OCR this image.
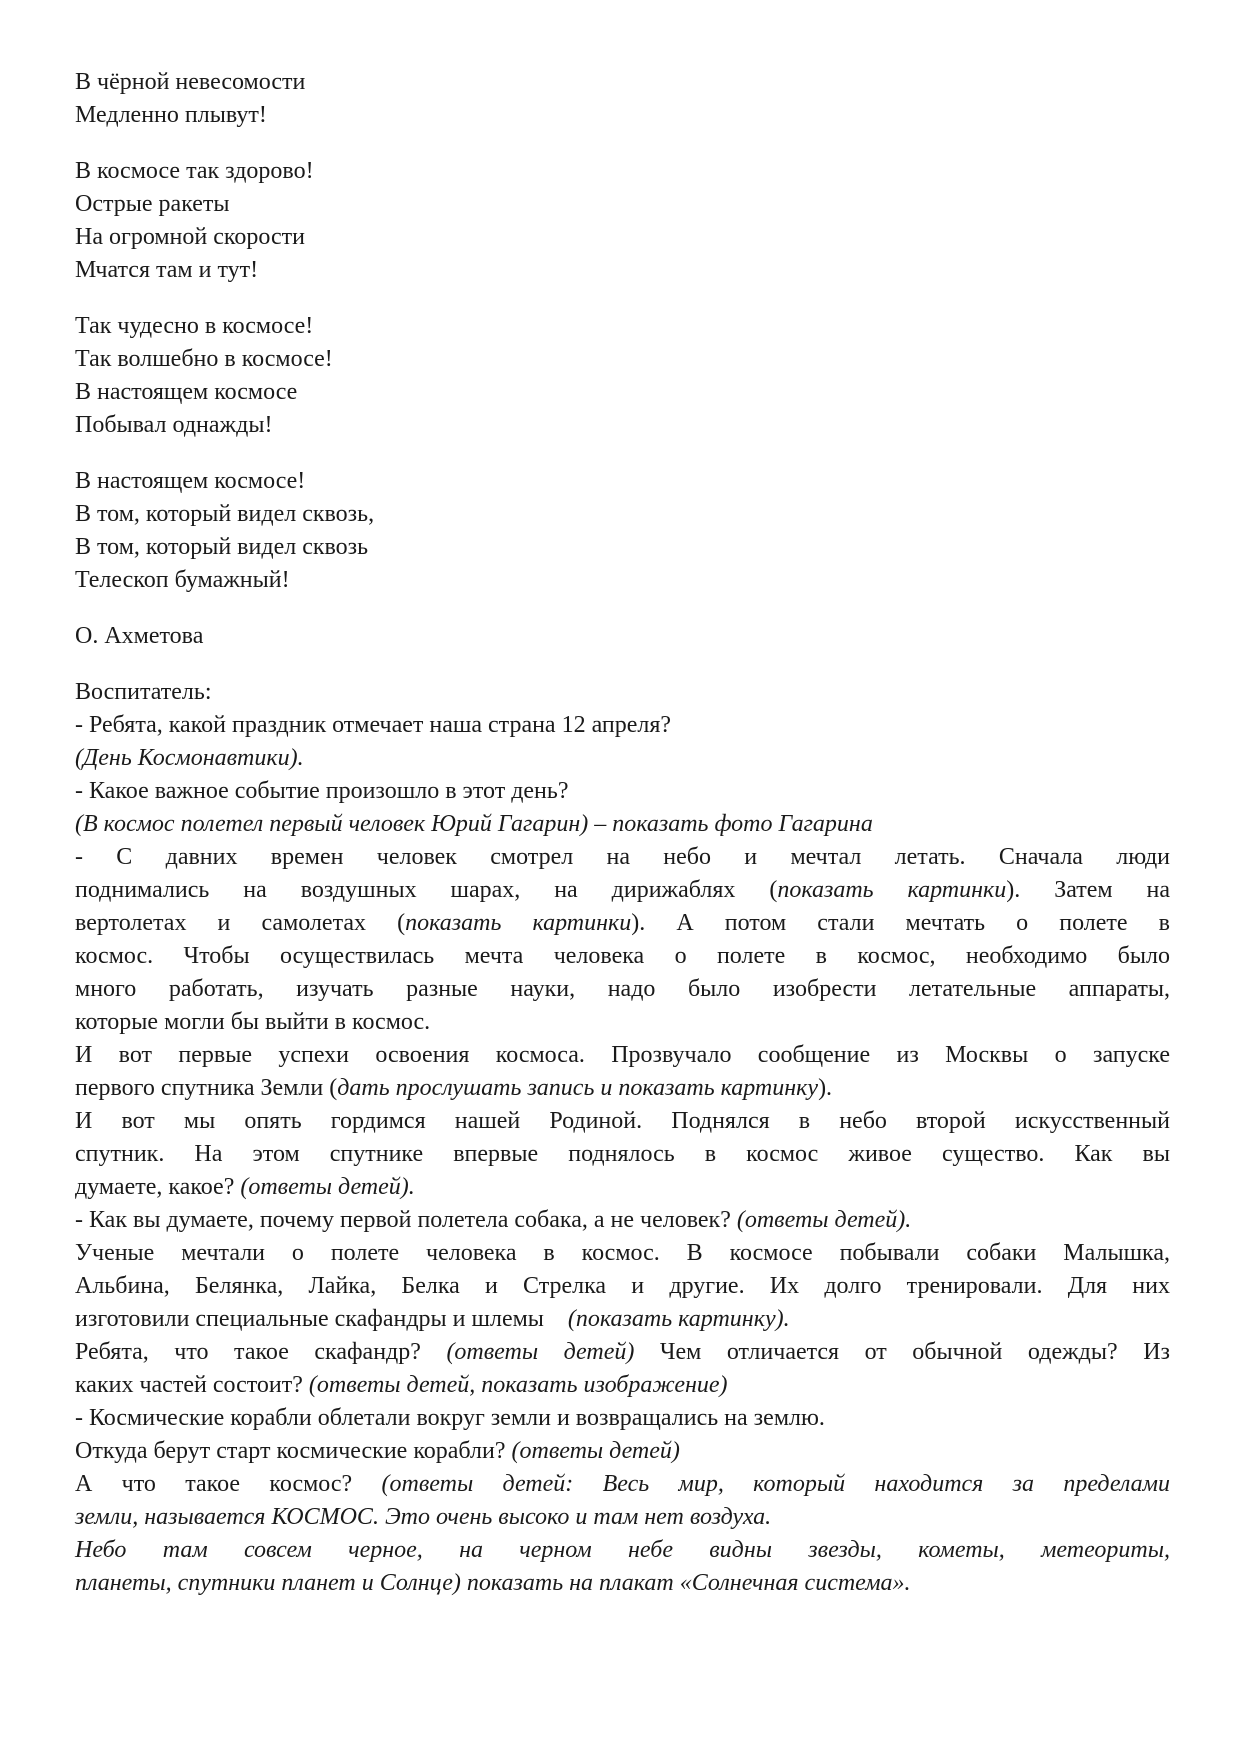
В чёрной невесомости
Медленно плывут!
В космосе так здорово!
Острые ракеты
На огромной скорости
Мчатся там и тут!
Так чудесно в космосе!
Так волшебно в космосе!
В настоящем космосе
Побывал однажды!
В настоящем космосе!
В том, который видел сквозь,
В том, который видел сквозь
Телескоп бумажный!
О. Ахметова
Воспитатель:
- Ребята, какой праздник отмечает наша страна 12 апреля?
(День Космонавтики).
- Какое важное событие произошло в этот день?
(В космос полетел первый человек Юрий Гагарин) – показать фото Гагарина
- С давних времен человек смотрел на небо и мечтал летать. Сначала люди
поднимались на воздушных шарах, на дирижаблях (показать картинки). Затем на
вертолетах и самолетах (показать картинки). А потом стали мечтать о полете в
космос. Чтобы осуществилась мечта человека о полете в космос, необходимо было
много работать, изучать разные науки, надо было изобрести летательные аппараты,
которые могли бы выйти в космос.
И вот первые успехи освоения космоса. Прозвучало сообщение из Москвы о запуске
первого спутника Земли (дать прослушать запись и показать картинку).
И вот мы опять гордимся нашей Родиной. Поднялся в небо второй искусственный
спутник. На этом спутнике впервые поднялось в космос живое существо. Как вы
думаете, какое? (ответы детей).
- Как вы думаете, почему первой полетела собака, а не человек? (ответы детей).
Ученые мечтали о полете человека в космос. В космосе побывали собаки Малышка,
Альбина, Белянка, Лайка, Белка и Стрелка и другие. Их долго тренировали. Для них
изготовили специальные скафандры и шлемы    (показать картинку).
Ребята, что такое скафандр? (ответы детей) Чем отличается от обычной одежды? Из
каких частей состоит? (ответы детей, показать изображение)
- Космические корабли облетали вокруг земли и возвращались на землю.
Откуда берут старт космические корабли? (ответы детей)
А что такое космос? (ответы детей: Весь мир, который находится за пределами
земли, называется КОСМОС. Это очень высоко и там нет воздуха.
Небо там совсем черное, на черном небе видны звезды, кометы, метеориты,
планеты, спутники планет и Солнце) показать на плакат «Солнечная система».
